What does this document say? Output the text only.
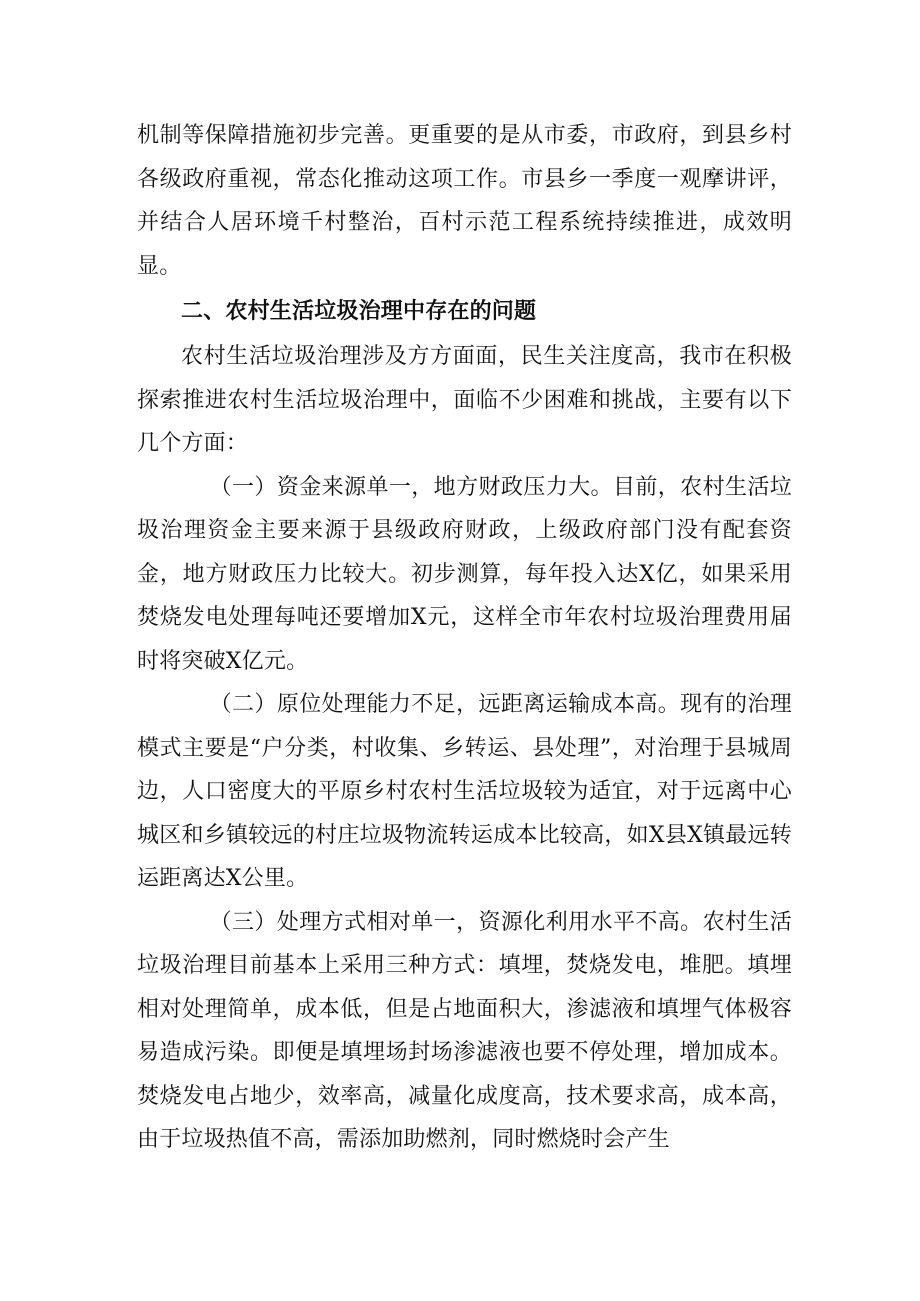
机制等保障措施初步完善。更重要的是从市委，市政府，到县乡村各级政府重视，常态化推动这项工作。市县乡一季度一观摩讲评，并结合人居环境千村整治，百村示范工程系统持续推进，成效明显。

二、农村生活垃圾治理中存在的问题

农村生活垃圾治理涉及方方面面，民生关注度高，我市在积极探索推进农村生活垃圾治理中，面临不少困难和挑战，主要有以下几个方面：

（一）资金来源单一，地方财政压力大。目前，农村生活垃圾治理资金主要来源于县级政府财政，上级政府部门没有配套资金，地方财政压力比较大。初步测算，每年投入达X亿，如果采用焚烧发电处理每吨还要增加X元，这样全市年农村垃圾治理费用届时将突破X亿元。

（二）原位处理能力不足，远距离运输成本高。现有的治理模式主要是“户分类，村收集、乡转运、县处理”，对治理于县城周边，人口密度大的平原乡村农村生活垃圾较为适宜，对于远离中心城区和乡镇较远的村庄垃圾物流转运成本比较高，如X县X镇最远转运距离达X公里。

（三）处理方式相对单一，资源化利用水平不高。农村生活垃圾治理目前基本上采用三种方式：填埋，焚烧发电，堆肥。填埋相对处理简单，成本低，但是占地面积大，渗滤液和填埋气体极容易造成污染。即便是填埋场封场渗滤液也要不停处理，增加成本。焚烧发电占地少，效率高，减量化成度高，技术要求高，成本高，由于垃圾热值不高，需添加助燃剂，同时燃烧时会产生
